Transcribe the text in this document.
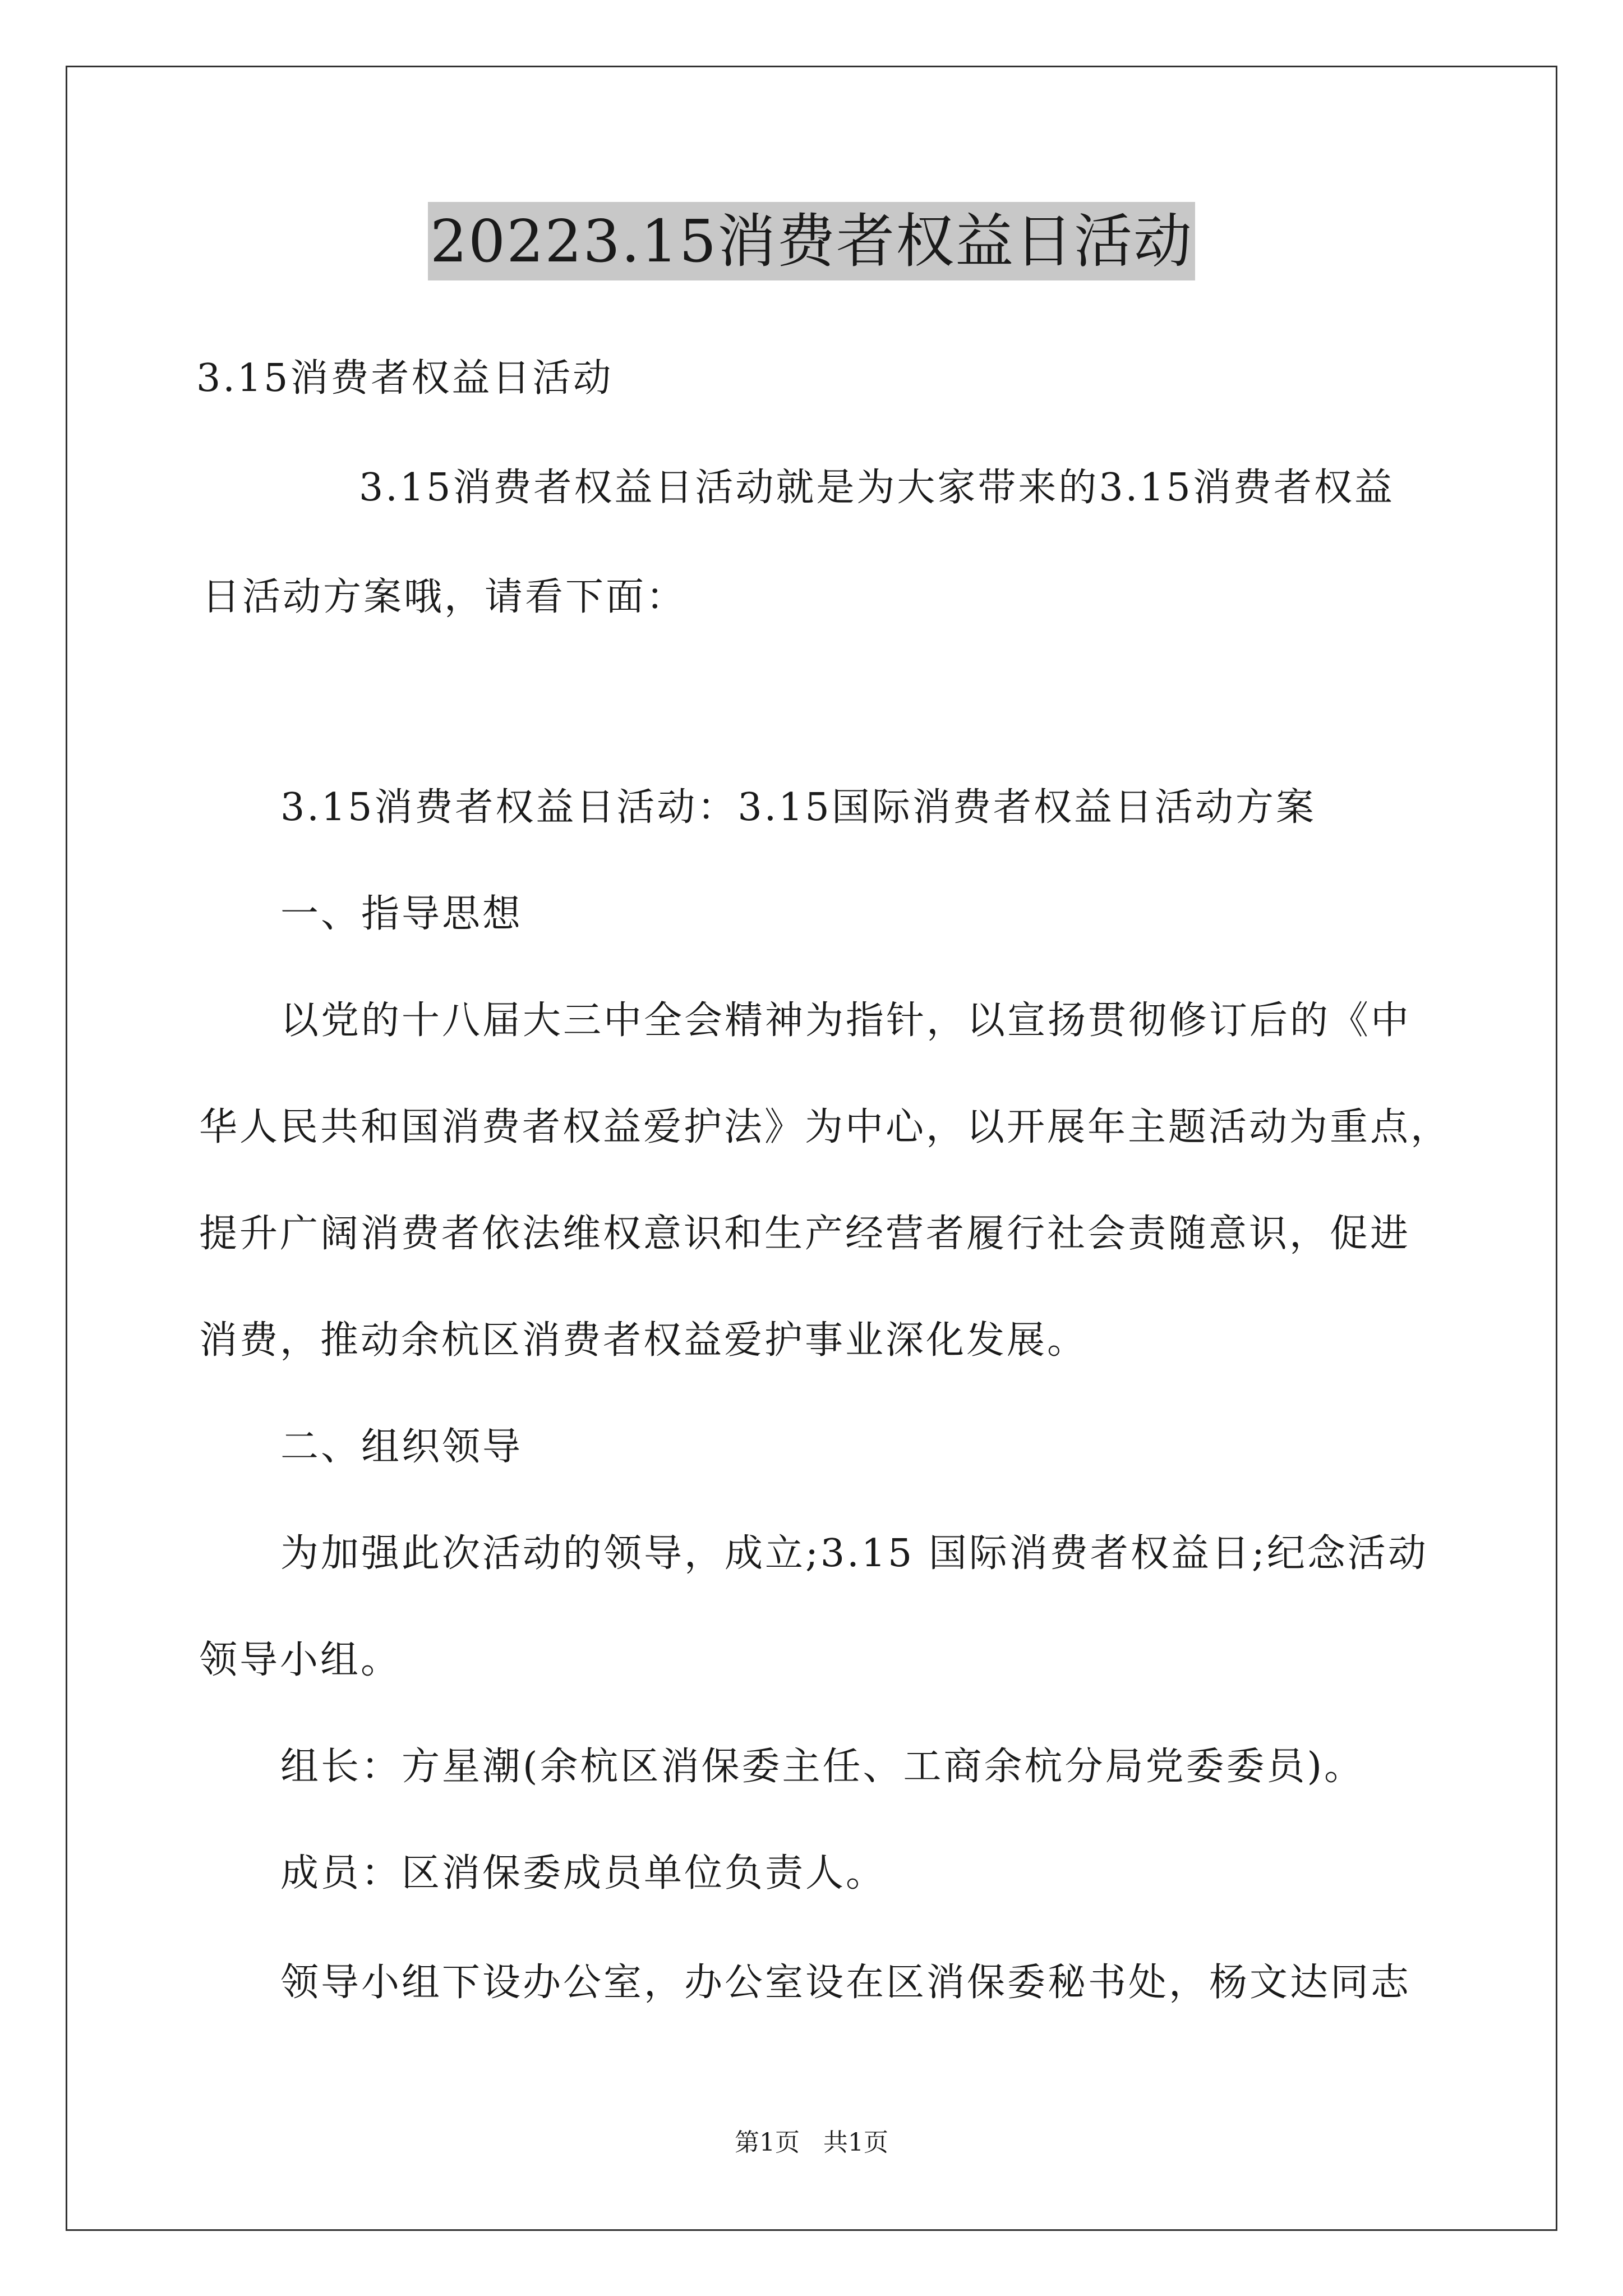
20223.15消费者权益日活动
3.15消费者权益日活动
3.15消费者权益日活动就是为大家带来的3.15消费者权益
日活动方案哦，请看下面：
3.15消费者权益日活动：3.15国际消费者权益日活动方案
一、指导思想
以党的十八届大三中全会精神为指针，以宣扬贯彻修订后的《中
华人民共和国消费者权益爱护法》为中心，以开展年主题活动为重点，
提升广阔消费者依法维权意识和生产经营者履行社会责随意识，促进
消费，推动余杭区消费者权益爱护事业深化发展。
二、组织领导
为加强此次活动的领导，成立;3.15 国际消费者权益日;纪念活动
领导小组。
组长：方星潮(余杭区消保委主任、工商余杭分局党委委员)。
成员：区消保委成员单位负责人。
领导小组下设办公室，办公室设在区消保委秘书处，杨文达同志
第1页 共1页
